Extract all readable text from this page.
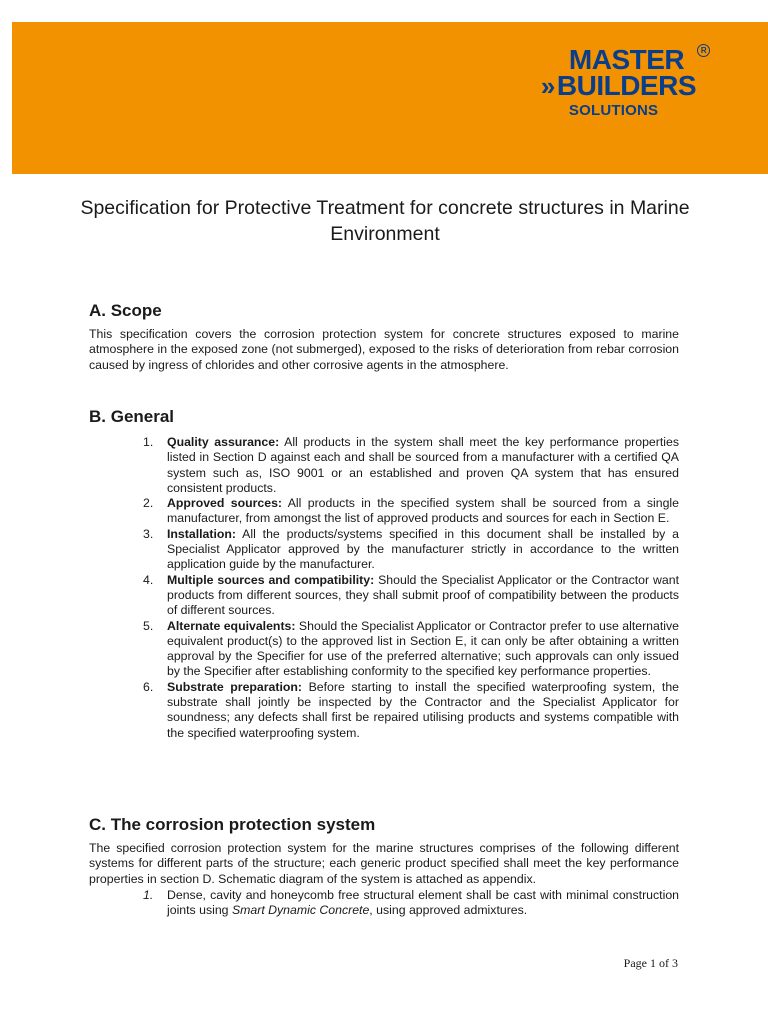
MASTER	R
»BUILDERS
SOLUTIONS
Specification for Protective Treatment for concrete structures in Marine Environment
A. Scope
This specification covers the corrosion protection system for concrete structures exposed to marine atmosphere in the exposed zone (not submerged), exposed to the risks of deterioration from rebar corrosion caused by ingress of chlorides and other corrosive agents in the atmosphere.
B. General
1. Quality assurance: All products in the system shall meet the key performance properties listed in Section D against each and shall be sourced from a manufacturer with a certified QA system such as, ISO 9001 or an established and proven QA system that has ensured consistent products.
2. Approved sources: All products in the specified system shall be sourced from a single manufacturer, from amongst the list of approved products and sources for each in Section E.
3. Installation: All the products/systems specified in this document shall be installed by a Specialist Applicator approved by the manufacturer strictly in accordance to the written application guide by the manufacturer.
4. Multiple sources and compatibility: Should the Specialist Applicator or the Contractor want products from different sources, they shall submit proof of compatibility between the products of different sources.
5. Alternate equivalents: Should the Specialist Applicator or Contractor prefer to use alternative equivalent product(s) to the approved list in Section E, it can only be after obtaining a written approval by the Specifier for use of the preferred alternative; such approvals can only issued by the Specifier after establishing conformity to the specified key performance properties.
6. Substrate preparation: Before starting to install the specified waterproofing system, the substrate shall jointly be inspected by the Contractor and the Specialist Applicator for soundness; any defects shall first be repaired utilising products and systems compatible with the specified waterproofing system.
C. The corrosion protection system
The specified corrosion protection system for the marine structures comprises of the following different systems for different parts of the structure; each generic product specified shall meet the key performance properties in section D. Schematic diagram of the system is attached as appendix.
1. Dense, cavity and honeycomb free structural element shall be cast with minimal construction joints using Smart Dynamic Concrete, using approved admixtures.
Page 1 of 3
